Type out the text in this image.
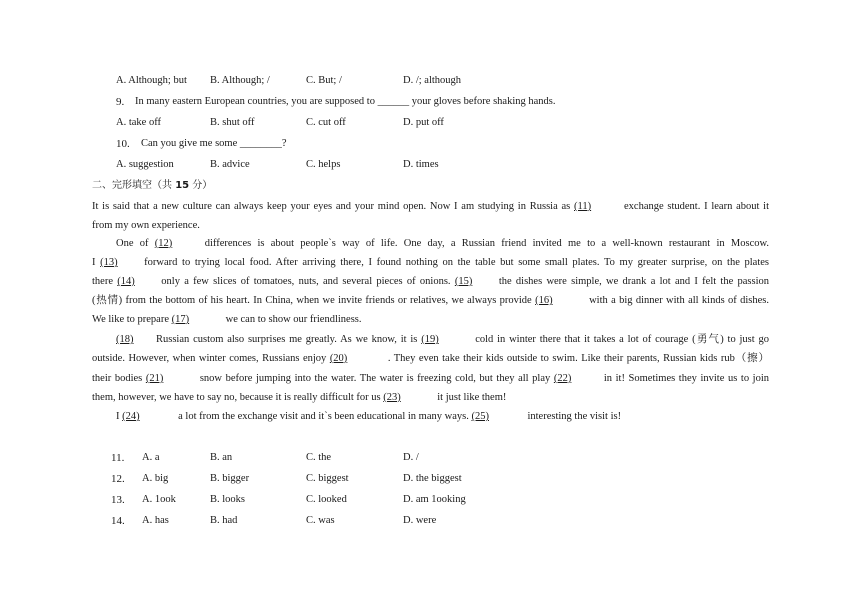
A. Although; but B. Although; /	C. But; /	D. /; although
9. In many eastern European countries, you are supposed to ______ your gloves before shaking hands.
A. take off	B. shut off	C. cut off	D. put off
10. Can you give me some ________?
A. suggestion	B. advice	C. helps	D. times
二、完形填空（共 15 分）
It is said that a new culture can always keep your eyes and your mind open. Now I am studying in Russia as (11)	exchange student. I learn about it
from my own experience.
One of (12)	differences is about people`s way of life. One day, a Russian friend invited me to a well-known restaurant in Moscow.
I (13)	forward to trying local food. After arriving there, I found nothing on the table but some small plates. To my greater surprise, on the plates
there (14)	only a few slices of tomatoes, nuts, and several pieces of onions. (15)	the dishes were simple, we drank a lot and I felt the passion
(热情) from the bottom of his heart. In China, when we invite friends or relatives, we always provide (16)	with a big dinner with all kinds of dishes.
We like to prepare (17)	we can to show our friendliness.
(18) Russian custom also surprises me greatly. As we know, it is (19)	cold in winter there that it takes a lot of courage (勇气) to just go
outside. However, when winter comes, Russians enjoy (20)	. They even take their kids outside to swim. Like their parents, Russian kids rub（擦）
their bodies (21)	snow before jumping into the water. The water is freezing cold, but they all play (22)	in it! Sometimes they invite us to join
them, however, we have to say no, because it is really difficult for us (23)	it just like them!
I (24)	a lot from the exchange visit and it`s been educational in many ways. (25)	interesting the visit is!
11. A. a	B. an	C. the	D. /
12. A. big	B. bigger	C. biggest	D. the biggest
13. A. 1ook	B. looks	C. looked	D. am 1ooking
14. A. has	B. had	C. was	D. were
